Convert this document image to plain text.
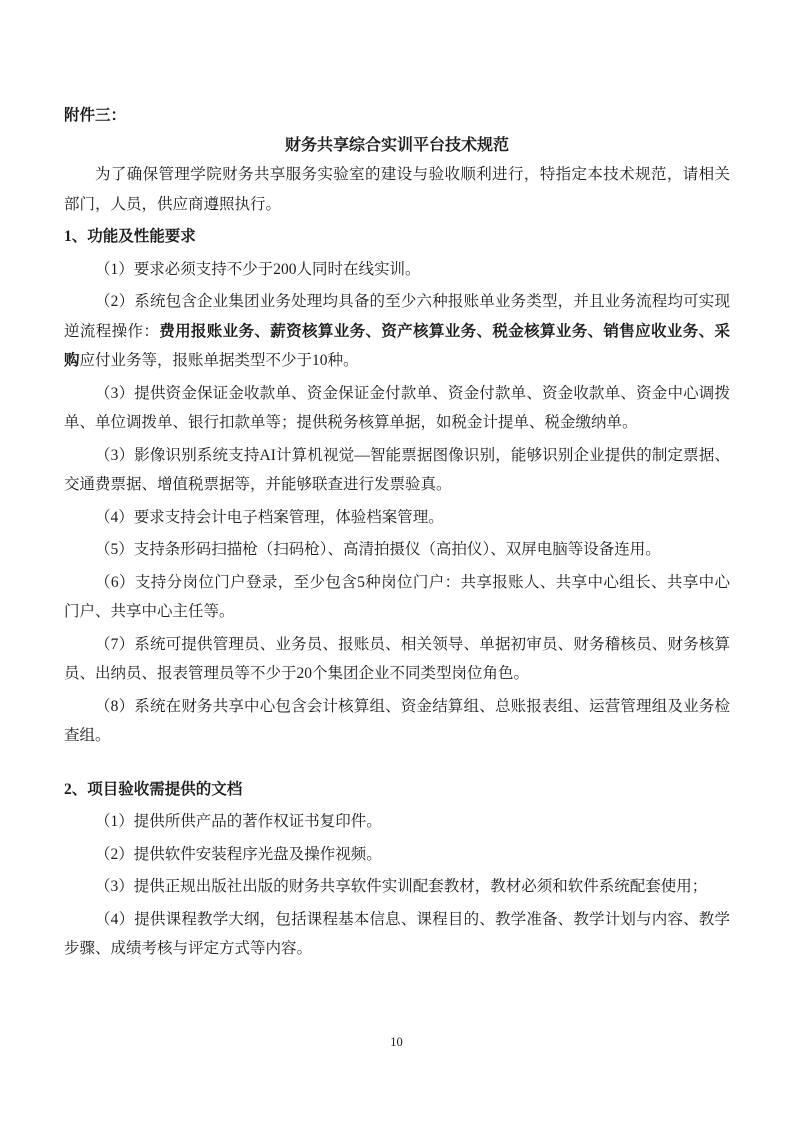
附件三：
财务共享综合实训平台技术规范

为了确保管理学院财务共享服务实验室的建设与验收顺利进行，特指定本技术规范，请相关部门，人员，供应商遵照执行。

1、功能及性能要求

（1）要求必须支持不少于200人同时在线实训。

（2）系统包含企业集团业务处理均具备的至少六种报账单业务类型，并且业务流程均可实现逆流程操作：费用报账业务、薪资核算业务、资产核算业务、税金核算业务、销售应收业务、采购应付业务等，报账单据类型不少于10种。

（3）提供资金保证金收款单、资金保证金付款单、资金付款单、资金收款单、资金中心调拨单、单位调拨单、银行扣款单等；提供税务核算单据，如税金计提单、税金缴纳单。

（3）影像识别系统支持AI计算机视觉—智能票据图像识别，能够识别企业提供的制定票据、交通费票据、增值税票据等，并能够联查进行发票验真。

（4）要求支持会计电子档案管理，体验档案管理。

（5）支持条形码扫描枪（扫码枪）、高清拍摄仪（高拍仪）、双屏电脑等设备连用。

（6）支持分岗位门户登录，至少包含5种岗位门户：共享报账人、共享中心组长、共享中心门户、共享中心主任等。

（7）系统可提供管理员、业务员、报账员、相关领导、单据初审员、财务稽核员、财务核算员、出纳员、报表管理员等不少于20个集团企业不同类型岗位角色。

（8）系统在财务共享中心包含会计核算组、资金结算组、总账报表组、运营管理组及业务检查组。

2、项目验收需提供的文档

（1）提供所供产品的著作权证书复印件。

（2）提供软件安装程序光盘及操作视频。

（3）提供正规出版社出版的财务共享软件实训配套教材，教材必须和软件系统配套使用；

（4）提供课程教学大纲，包括课程基本信息、课程目的、教学准备、教学计划与内容、教学步骤、成绩考核与评定方式等内容。

10
